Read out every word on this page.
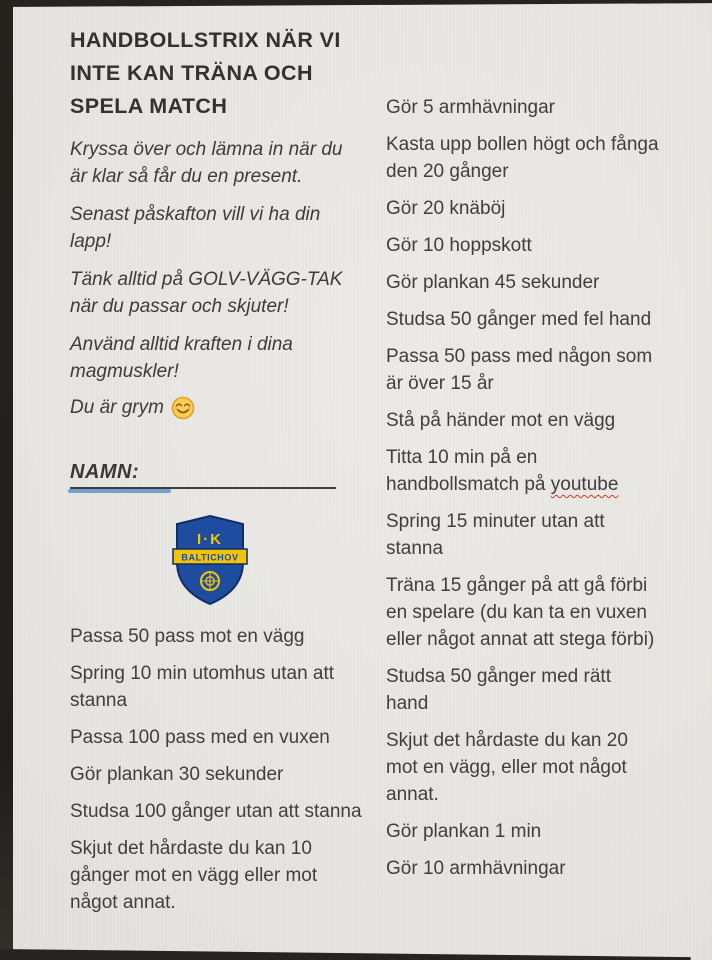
HANDBOLLSTRIX NÄR VI
INTE KAN TRÄNA OCH
SPELA MATCH

Kryssa över och lämna in när du är klar så får du en present.

Senast påskafton vill vi ha din lapp!

Tänk alltid på GOLV-VÄGG-TAK när du passar och skjuter!

Använd alltid kraften i dina magmuskler!

Du är grym
NAMN:
I·K
BALTICHOV
Passa 50 pass mot en vägg
Spring 10 min utomhus utan att stanna
Passa 100 pass med en vuxen
Gör plankan 30 sekunder
Studsa 100 gånger utan att stanna
Skjut det hårdaste du kan 10 gånger mot en vägg eller mot något annat.
Gör 5 armhävningar
Kasta upp bollen högt och fånga den 20 gånger
Gör 20 knäböj
Gör 10 hoppskott
Gör plankan 45 sekunder
Studsa 50 gånger med fel hand
Passa 50 pass med någon som är över 15 år
Stå på händer mot en vägg
Titta 10 min på en handbollsmatch på youtube
Spring 15 minuter utan att stanna
Träna 15 gånger på att gå förbi en spelare (du kan ta en vuxen eller något annat att stega förbi)
Studsa 50 gånger med rätt hand
Skjut det hårdaste du kan 20 mot en vägg, eller mot något annat.
Gör plankan 1 min
Gör 10 armhävningar
